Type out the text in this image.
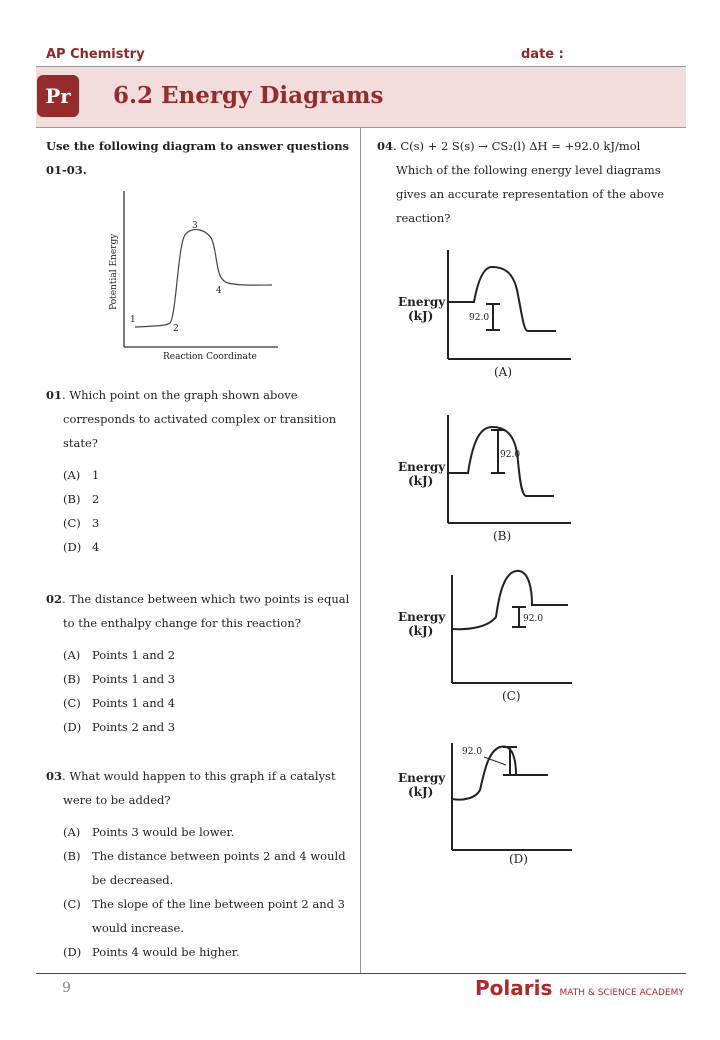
AP Chemistry	date :
Pr	6.2 Energy Diagrams
Use the following diagram to answer questions
01-03.
1
2
3
4
Reaction Coordinate
Potential Energy
01. Which point on the graph shown above
corresponds to activated complex or transition
state?
(A) 1
(B) 2
(C) 3
(D) 4
02. The distance between which two points is equal
to the enthalpy change for this reaction?
(A) Points 1 and 2
(B) Points 1 and 3
(C) Points 1 and 4
(D) Points 2 and 3
03. What would happen to this graph if a catalyst
were to be added?
(A) Points 3 would be lower.
(B) The distance between points 2 and 4 would
be decreased.
(C) The slope of the line between point 2 and 3
would increase.
(D) Points 4 would be higher.
04. C(s) + 2 S(s) → CS₂(l) ΔH = +92.0 kJ/mol
Which of the following energy level diagrams
gives an accurate representation of the above
reaction?
Energy
(kJ)	92.0
(A)
Energy
(kJ)
92.0
(B)
Energy
(kJ)
92.0
(C)
Energy
(kJ)
92.0
(D)
9	Polaris MATH & SCIENCE ACADEMY
